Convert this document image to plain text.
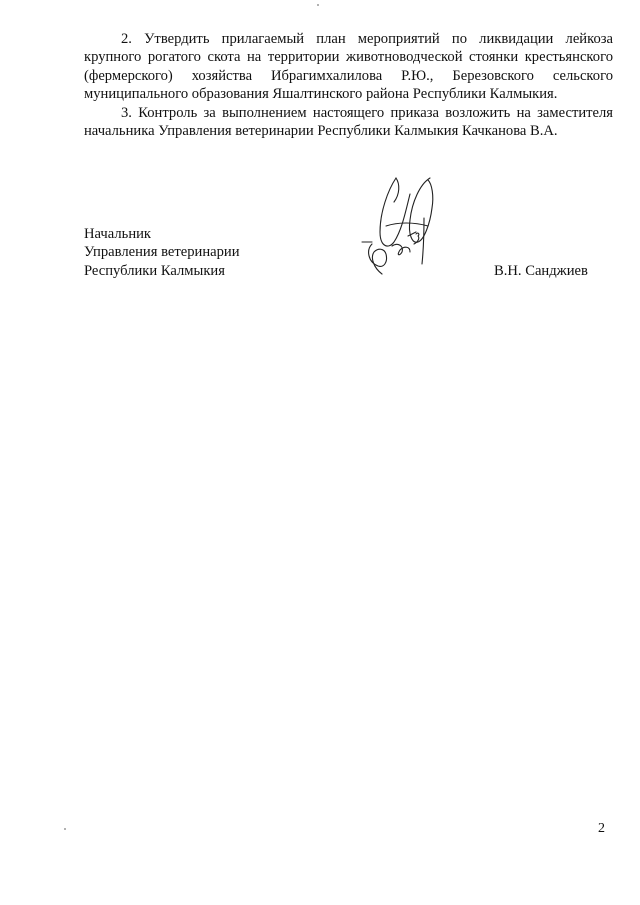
2. Утвердить прилагаемый план мероприятий по ликвидации лейкоза крупного рогатого скота на территории животноводческой стоянки крестьянского (фермерского) хозяйства Ибрагимхалилова Р.Ю., Березовского сельского муниципального образования Яшалтинского района Республики Калмыкия.

3. Контроль за выполнением настоящего приказа возложить на заместителя начальника Управления ветеринарии Республики Калмыкия Качканова В.А.

Начальник
Управления ветеринарии
Республики Калмыкия	В.Н. Санджиев
2
